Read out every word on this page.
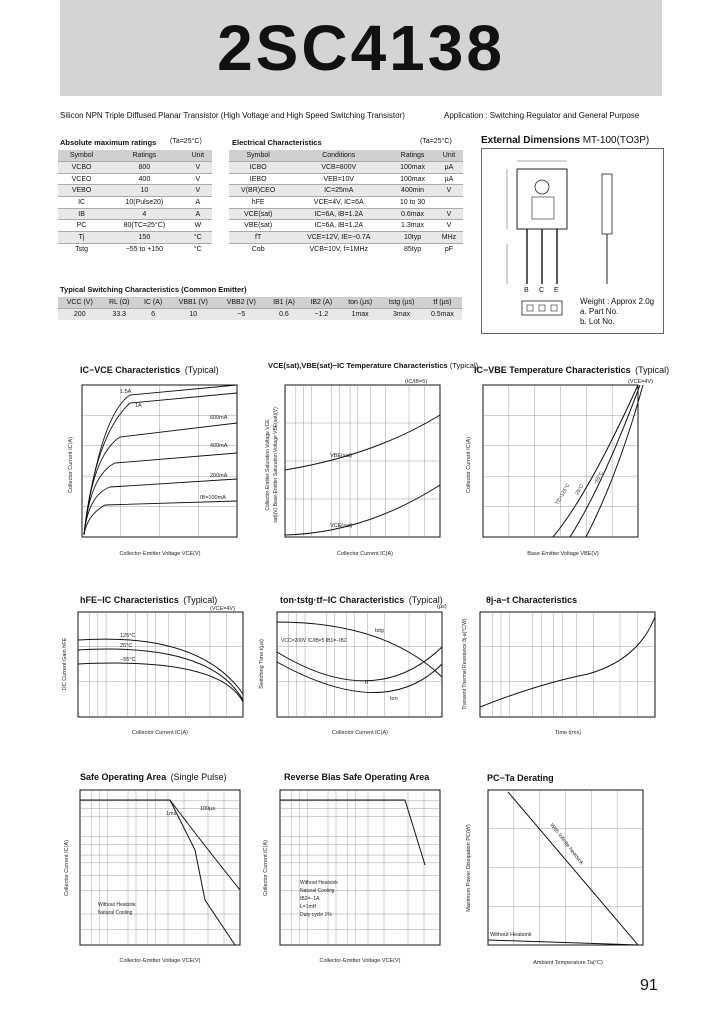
2SC4138
Silicon NPN Triple Diffused Planar Transistor (High Voltage and High Speed Switching Transistor)	Application : Switching Regulator and General Purpose
Absolute maximum ratings (Ta=25°C)
Symbol	Ratings	Unit
VCBO	800	V
VCEO	400	V
VEBO	10	V
IC	10(Pulse20)	A
IB	4	A
PC	80(TC=25°C)	W
Tj	150	°C
Tstg	−55 to +150	°C
Electrical Characteristics	(Ta=25°C)
Symbol	Conditions	Ratings	Unit
ICBO	VCB=800V	100max	µA
IEBO	VEB=10V	100max	µA
V(BR)CEO	IC=25mA	400min	V
hFE	VCE=4V, IC=6A	10 to 30	
VCE(sat)	IC=6A, IB=1.2A	0.6max	V
VBE(sat)	IC=6A, IB=1.2A	1.3max	V
fT	VCE=12V, IE=−0.7A	10typ	MHz
Cob	VCB=10V, f=1MHz	85typ	pF
Typical Switching Characteristics (Common Emitter)
VCC (V)	RL (Ω)	IC (A)	VBB1 (V)	VBB2 (V)	IB1 (A)	IB2 (A)	ton (µs)	tstg (µs)	tf (µs)
200	33.3	6	10	−5	0.6	−1.2	1max	3max	0.5max
External Dimensions MT-100(TO3P)
B C E
Weight : Approx 2.0g
a. Part No.
b. Lot No.
IC−VCE Characteristics (Typical)	VCE(sat),VBE(sat)−IC Temperature Characteristics (Typical)
IC−VBE Temperature Characteristics (Typical)
1.5A
1A
600mA
400mA
200mA
IB=100mA
Collector-Emitter Voltage VCE(V)
Collector Current IC(A)
(IC/IB=5)
VBE(sat)
VCE(sat)
Collector Current IC(A)
Collector-Emitter Saturation Voltage VCE sat)(V) Base-Emitter Saturation Voltage VBE(sat)(V)
(VCE=4V)
TC=125°C 25°C
−55°C
Base-Emitter Voltage VBE(V)
Collector Current IC(A)
hFE−IC Characteristics (Typical)	ton·tstg·tf−IC Characteristics (Typical)	θj-a−t Characteristics
(VCE=4V)
125°C
25°C
−55°C
Collector Current IC(A)
DC Current Gain hFE
(µs)
VCC=200V IC/IB=5 IB1=−IB2
tstg
tf
ton
Collector Current IC(A)
Switching Time t(µs)
Time t(ms)
Transient Thermal Resistance θj-a(°C/W)
Safe Operating Area (Single Pulse)	Reverse Bias Safe Operating Area	PC−Ta Derating
1ms
100µs
Without Heatsink
Natural Cooling
Collector-Emitter Voltage VCE(V)
Collector Current IC(A)	Without Heatsink
Natural Cooling
IB2=−1A
L=1mH
Duty cycle 1%
Collector-Emitter Voltage VCE(V)
Collector Current IC(A)	With Infinite heatsink
Without Heatsink
Ambient Temperature Ta(°C)
Maximum Power Dissipation PC(W)
91
